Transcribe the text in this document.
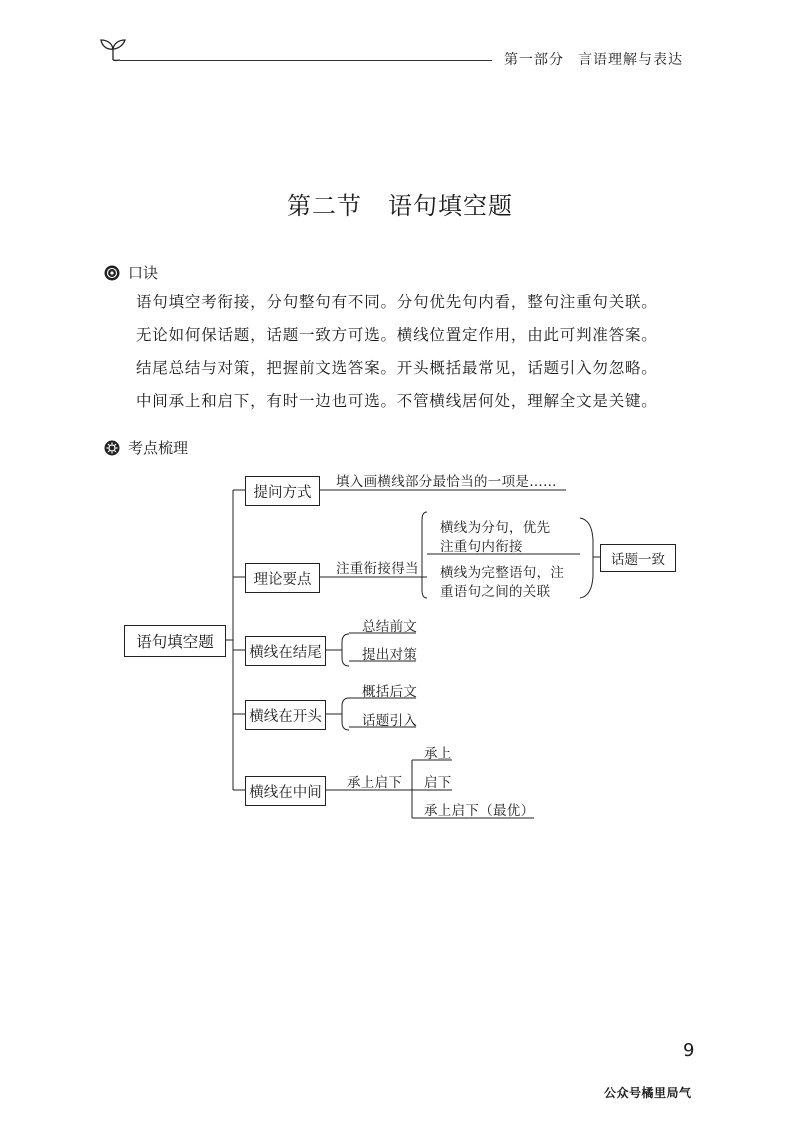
第一部分 言语理解与表达
第二节 语句填空题
口诀
语句填空考衔接，分句整句有不同。分句优先句内看，整句注重句关联。
无论如何保话题，话题一致方可选。横线位置定作用，由此可判准答案。
结尾总结与对策，把握前文选答案。开头概括最常见，话题引入勿忽略。
中间承上和启下，有时一边也可选。不管横线居何处，理解全文是关键。
考点梳理
语句填空题
提问方式
理论要点
横线在结尾
横线在开头
横线在中间
话题一致
填入画横线部分最恰当的一项是……
注重衔接得当
横线为分句，优先
注重句内衔接
横线为完整语句，注
重语句之间的关联
总结前文
提出对策
概括后文
话题引入
承上启下
承上
启下
承上启下（最优）
9
公众号橘里局气
